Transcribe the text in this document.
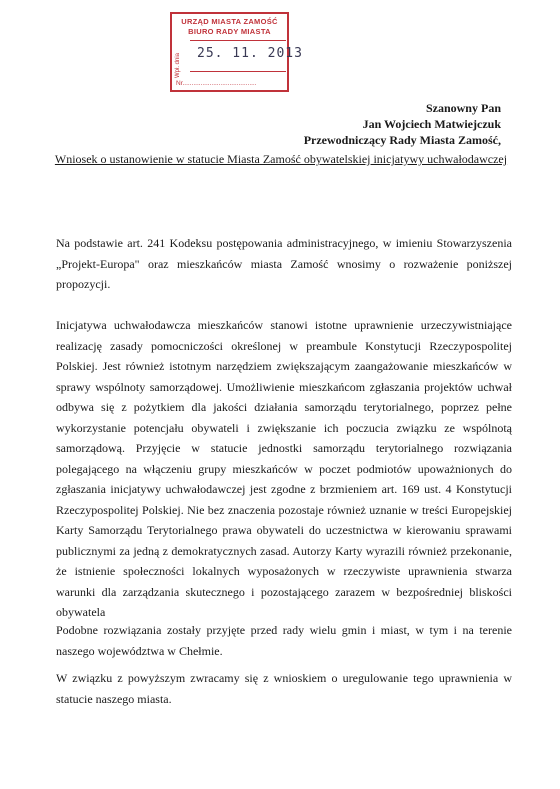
URZĄD MIASTA ZAMOŚĆ
BIURO RADY MIASTA
Wpł. dnia	25. 11. 2013
Nr.........................................
Szanowny Pan
Jan Wojciech Matwiejczuk
Przewodniczący Rady Miasta Zamość,
Wniosek o ustanowienie w statucie Miasta Zamość obywatelskiej inicjatywy uchwałodawczej
Na podstawie art. 241 Kodeksu postępowania administracyjnego, w imieniu Stowarzyszenia „Projekt-Europa" oraz mieszkańców miasta Zamość wnosimy o rozważenie poniższej propozycji.
Inicjatywa uchwałodawcza mieszkańców stanowi istotne uprawnienie urzeczywistniające realizację zasady pomocniczości określonej w preambule Konstytucji Rzeczypospolitej Polskiej. Jest również istotnym narzędziem zwiększającym zaangażowanie mieszkańców w sprawy wspólnoty samorządowej. Umożliwienie mieszkańcom zgłaszania projektów uchwał odbywa się z pożytkiem dla jakości działania samorządu terytorialnego, poprzez pełne wykorzystanie potencjału obywateli i zwiększanie ich poczucia związku ze wspólnotą samorządową. Przyjęcie w statucie jednostki samorządu terytorialnego rozwiązania polegającego na włączeniu grupy mieszkańców w poczet podmiotów upoważnionych do zgłaszania inicjatywy uchwałodawczej jest zgodne z brzmieniem art. 169 ust. 4 Konstytucji Rzeczypospolitej Polskiej. Nie bez znaczenia pozostaje również uznanie w treści Europejskiej Karty Samorządu Terytorialnego prawa obywateli do uczestnictwa w kierowaniu sprawami publicznymi za jedną z demokratycznych zasad. Autorzy Karty wyrazili również przekonanie, że istnienie społeczności lokalnych wyposażonych w rzeczywiste uprawnienia stwarza warunki dla zarządzania skutecznego i pozostającego zarazem w bezpośredniej bliskości obywatela
Podobne rozwiązania zostały przyjęte przed rady wielu gmin i miast, w tym i na terenie naszego województwa w Chełmie.
W związku z powyższym zwracamy się z wnioskiem o uregulowanie tego uprawnienia w statucie naszego miasta.
